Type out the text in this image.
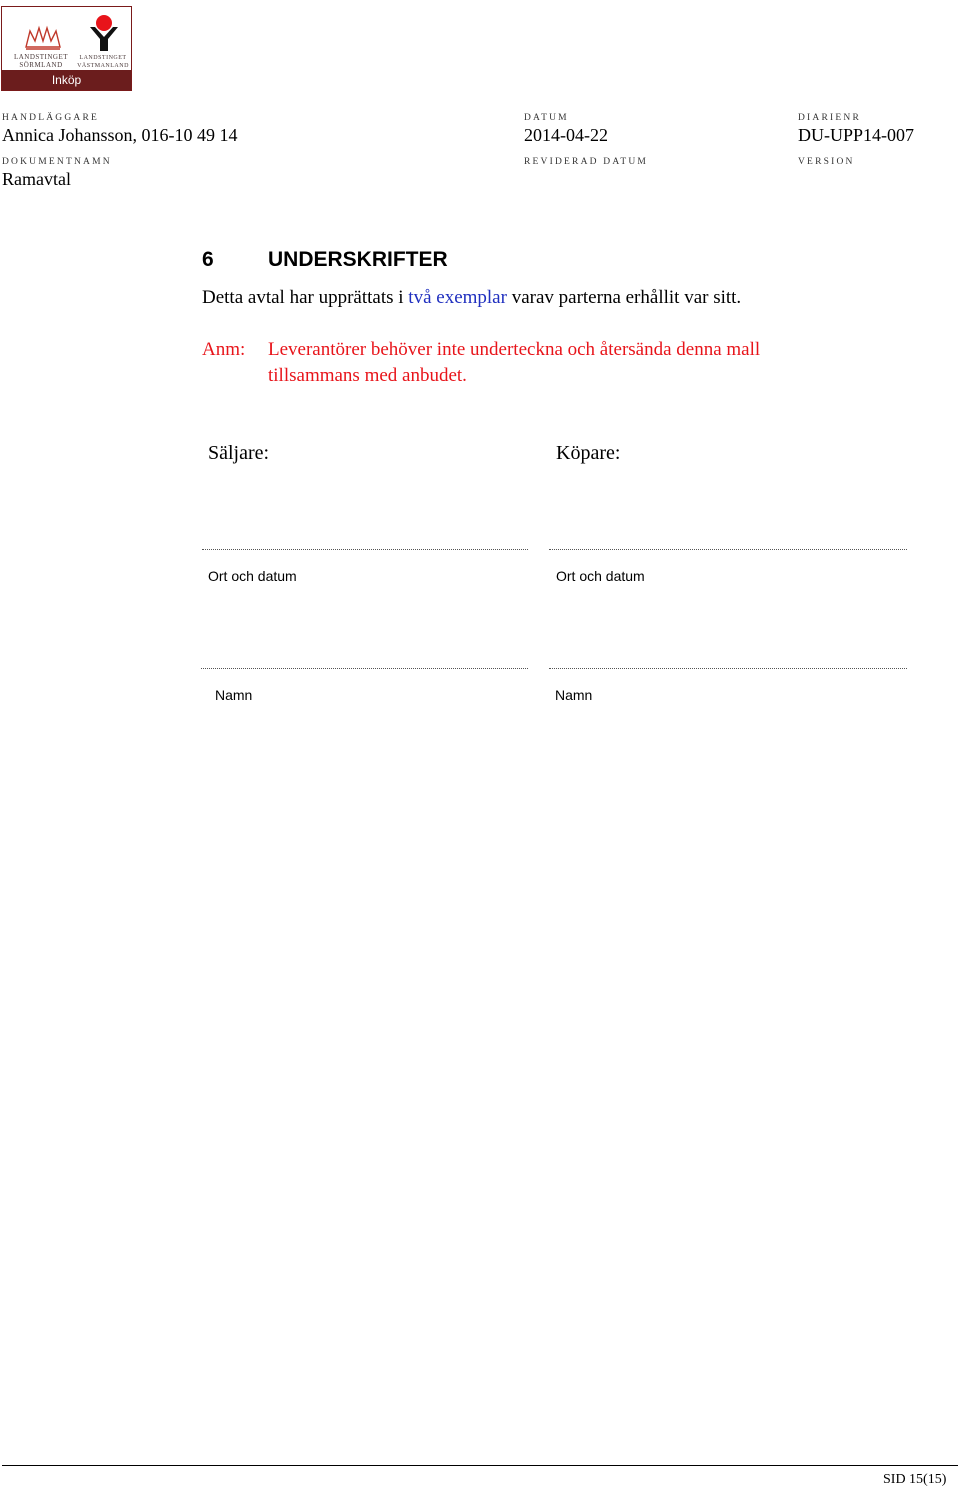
LANDSTINGET
SÖRMLAND
LANDSTINGET
VÄSTMANLAND
Inköp
HANDLÄGGARE
Annica Johansson, 016-10 49 14
DATUM
2014-04-22
DIARIENR
DU-UPP14-007
DOKUMENTNAMN
Ramavtal
REVIDERAD DATUM	VERSION
6	UNDERSKRIFTER
Detta avtal har upprättats i två exemplar varav parterna erhållit var sitt.
Anm: Leverantörer behöver inte underteckna och återsända denna mall
tillsammans med anbudet.
Säljare:	Köpare:
Ort och datum	Ort och datum
Namn	Namn
SID 15(15)
